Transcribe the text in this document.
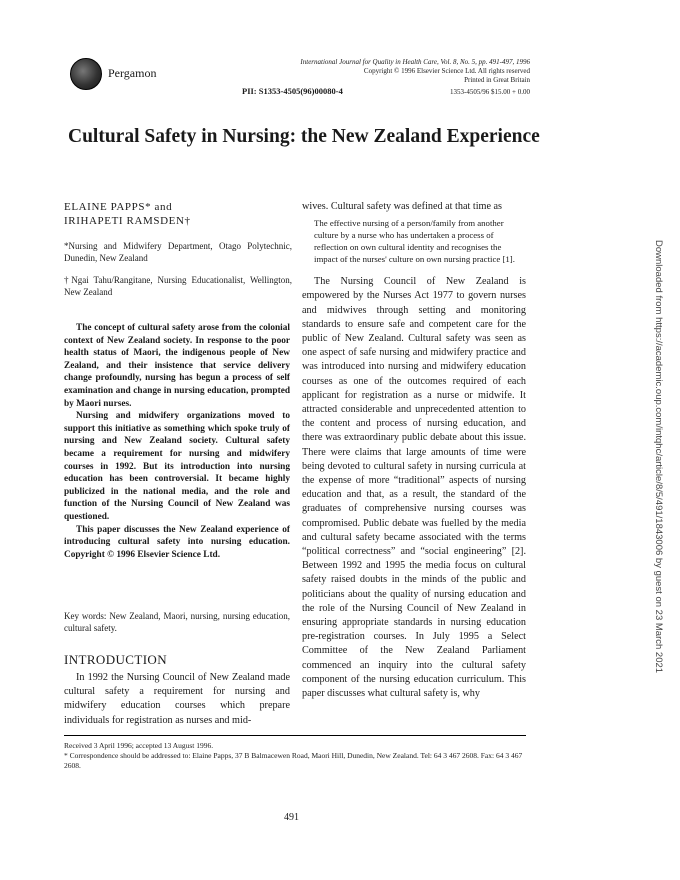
Pergamon
International Journal for Quality in Health Care, Vol. 8, No. 5, pp. 491-497, 1996
Copyright © 1996 Elsevier Science Ltd. All rights reserved
Printed in Great Britain
PII: S1353-4505(96)00080-4	1353-4505/96 $15.00 + 0.00
Cultural Safety in Nursing: the New Zealand Experience
ELAINE PAPPS* and
IRIHAPETI RAMSDEN†
*Nursing and Midwifery Department, Otago Polytechnic, Dunedin, New Zealand
†Ngai Tahu/Rangitane, Nursing Educationalist, Wellington, New Zealand

The concept of cultural safety arose from the colonial context of New Zealand society. In response to the poor health status of Maori, the indigenous people of New Zealand, and their insistence that service delivery change profoundly, nursing has begun a process of self examination and change in nursing education, prompted by Maori nurses.

Nursing and midwifery organizations moved to support this initiative as something which spoke truly of nursing and New Zealand society. Cultural safety became a requirement for nursing and midwifery courses in 1992. But its introduction into nursing education has been controversial. It became highly publicized in the national media, and the role and function of the Nursing Council of New Zealand was questioned.

This paper discusses the New Zealand experience of introducing cultural safety into nursing education. Copyright © 1996 Elsevier Science Ltd.

Key words: New Zealand, Maori, nursing, nursing education, cultural safety.
INTRODUCTION

In 1992 the Nursing Council of New Zealand made cultural safety a requirement for nursing and midwifery education courses which prepare individuals for registration as nurses and mid-

wives. Cultural safety was defined at that time as

The effective nursing of a person/family from another culture by a nurse who has undertaken a process of reflection on own cultural identity and recognises the impact of the nurses' culture on own nursing practice [1].

The Nursing Council of New Zealand is empowered by the Nurses Act 1977 to govern nurses and midwives through setting and monitoring standards to ensure safe and competent care for the public of New Zealand. Cultural safety was seen as one aspect of safe nursing and midwifery practice and was introduced into nursing and midwifery education courses as one of the outcomes required of each applicant for registration as a nurse or midwife. It attracted considerable and unprecedented attention to the content and process of nursing education, and there was extraordinary public debate about this issue. There were claims that large amounts of time were being devoted to cultural safety in nursing curricula at the expense of more “traditional” aspects of nursing education and that, as a result, the standard of the graduates of comprehensive nursing courses was compromised. Public debate was fuelled by the media and cultural safety became associated with the terms “political correctness” and “social engineering” [2]. Between 1992 and 1995 the media focus on cultural safety raised doubts in the minds of the public and politicians about the quality of nursing education and the role of the Nursing Council of New Zealand in ensuring appropriate standards in nursing education pre-registration courses. In July 1995 a Select Committee of the New Zealand Parliament commenced an inquiry into the cultural safety component of the nursing education curriculum. This paper discusses what cultural safety is, why

Received 3 April 1996; accepted 13 August 1996.
* Correspondence should be addressed to: Elaine Papps, 37 B Balmacewen Road, Maori Hill, Dunedin, New Zealand. Tel: 64 3 467 2608. Fax: 64 3 467 2608.
491
Downloaded from https://academic.oup.com/intqhc/article/8/5/491/1843006 by guest on 23 March 2021
